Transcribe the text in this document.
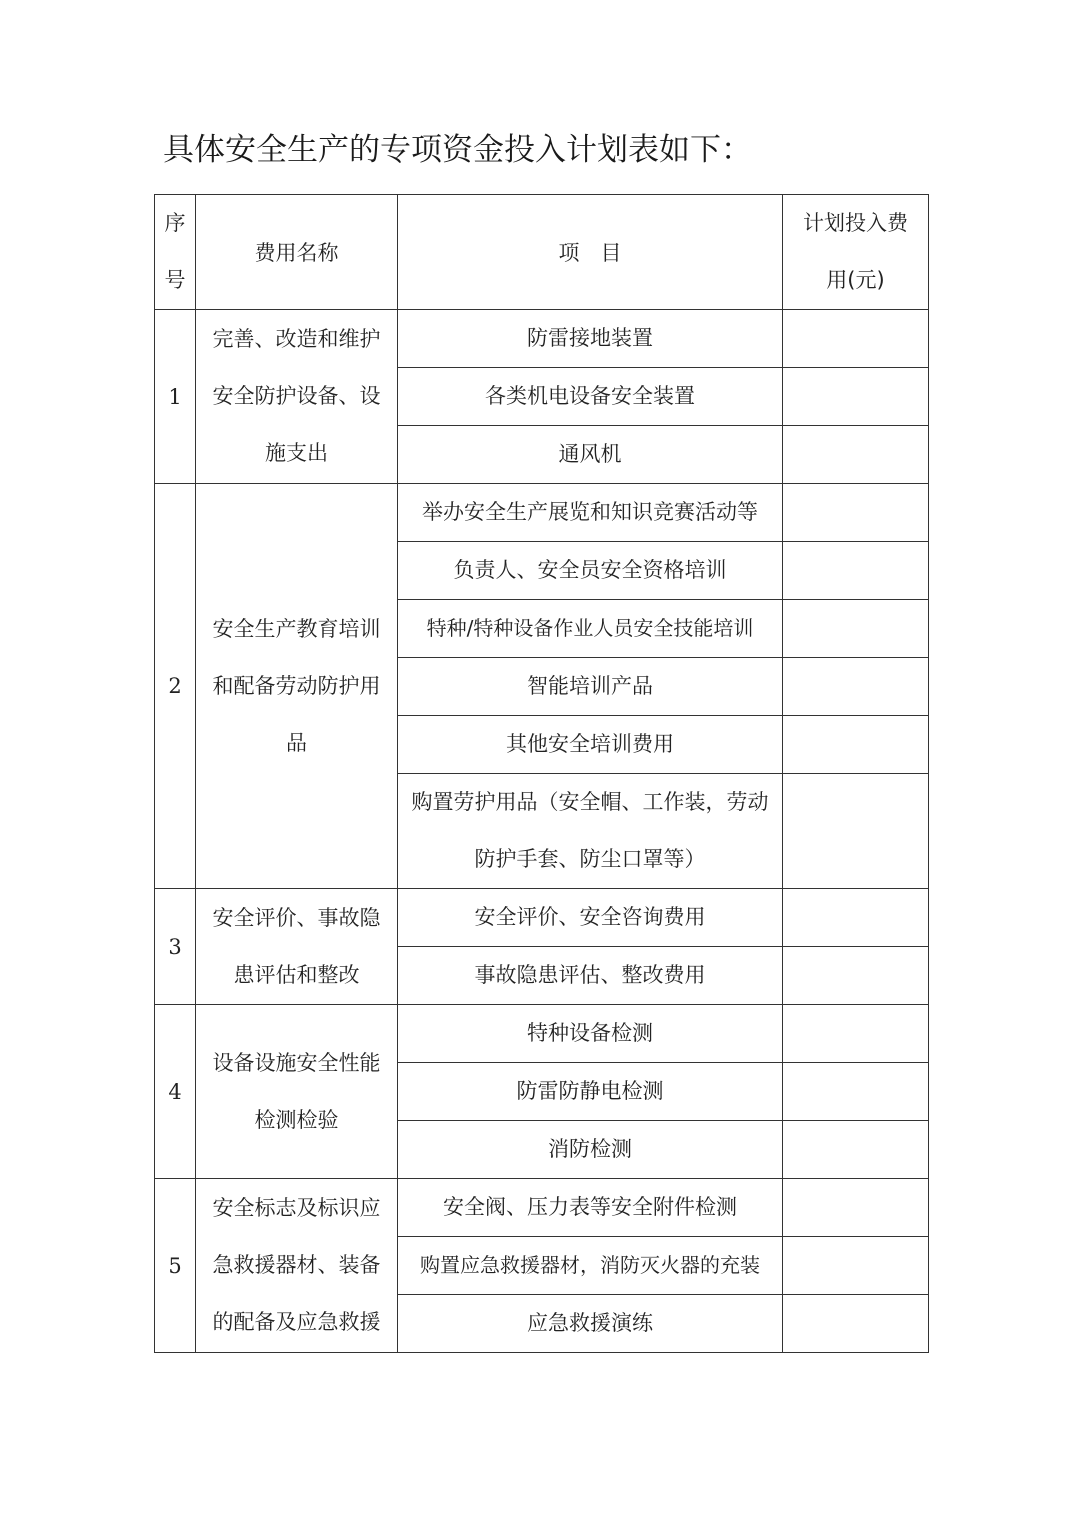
具体安全生产的专项资金投入计划表如下：
序号	费用名称	项　目	计划投入费用(元)

1	完善、改造和维护安全防护设备、设施支出	防雷接地装置	

		各类机电设备安全装置	

		通风机	

2	安全生产教育培训和配备劳动防护用品	举办安全生产展览和知识竞赛活动等	

		负责人、安全员安全资格培训	

		特种/特种设备作业人员安全技能培训	

		智能培训产品	

		其他安全培训费用	

		购置劳护用品（安全帽、工作装，劳动防护手套、防尘口罩等）	

3	安全评价、事故隐患评估和整改	安全评价、安全咨询费用	

		事故隐患评估、整改费用	

4	设备设施安全性能检测检验	特种设备检测	

		防雷防静电检测	

		消防检测	

5	安全标志及标识应急救援器材、装备的配备及应急救援	安全阀、压力表等安全附件检测	

		购置应急救援器材，消防灭火器的充装	

		应急救援演练	
